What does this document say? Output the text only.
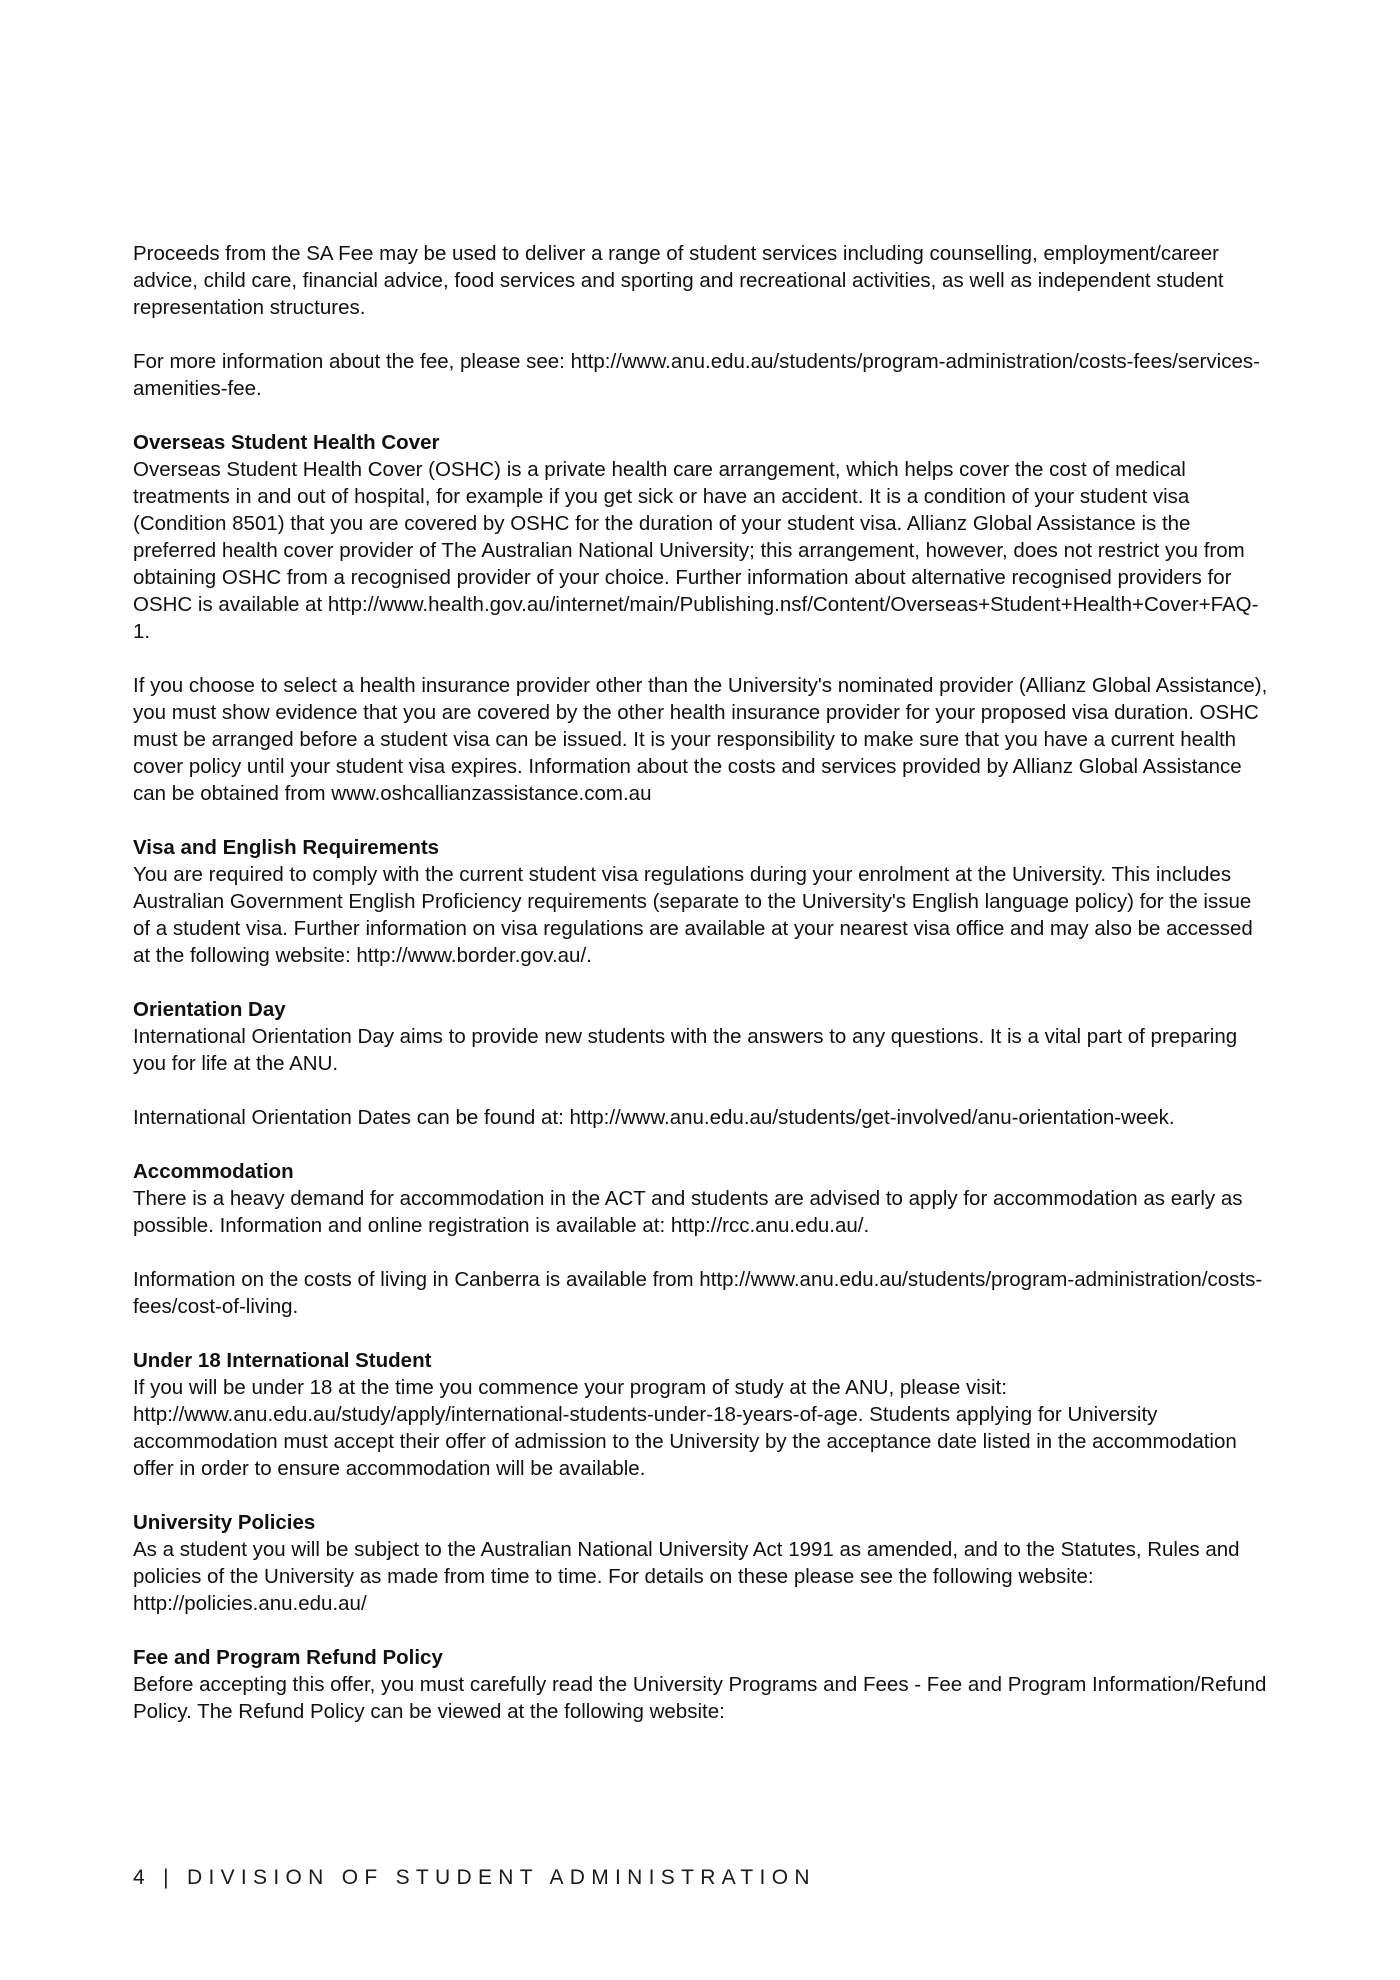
Proceeds from the SA Fee may be used to deliver a range of student services including counselling, employment/career advice, child care, financial advice, food services and sporting and recreational activities, as well as independent student representation structures.

For more information about the fee, please see: http://www.anu.edu.au/students/program-administration/costs-fees/services-amenities-fee.

Overseas Student Health Cover

Overseas Student Health Cover (OSHC) is a private health care arrangement, which helps cover the cost of medical treatments in and out of hospital, for example if you get sick or have an accident. It is a condition of your student visa (Condition 8501) that you are covered by OSHC for the duration of your student visa. Allianz Global Assistance is the preferred health cover provider of The Australian National University; this arrangement, however, does not restrict you from obtaining OSHC from a recognised provider of your choice. Further information about alternative recognised providers for OSHC is available at http://www.health.gov.au/internet/main/Publishing.nsf/Content/Overseas+Student+Health+Cover+FAQ-1.

If you choose to select a health insurance provider other than the University's nominated provider (Allianz Global Assistance), you must show evidence that you are covered by the other health insurance provider for your proposed visa duration. OSHC must be arranged before a student visa can be issued. It is your responsibility to make sure that you have a current health cover policy until your student visa expires. Information about the costs and services provided by Allianz Global Assistance can be obtained from www.oshcallianzassistance.com.au

Visa and English Requirements

You are required to comply with the current student visa regulations during your enrolment at the University. This includes Australian Government English Proficiency requirements (separate to the University's English language policy) for the issue of a student visa. Further information on visa regulations are available at your nearest visa office and may also be accessed at the following website: http://www.border.gov.au/.

Orientation Day

International Orientation Day aims to provide new students with the answers to any questions. It is a vital part of preparing you for life at the ANU.

International Orientation Dates can be found at: http://www.anu.edu.au/students/get-involved/anu-orientation-week.

Accommodation

There is a heavy demand for accommodation in the ACT and students are advised to apply for accommodation as early as possible. Information and online registration is available at: http://rcc.anu.edu.au/.

Information on the costs of living in Canberra is available from http://www.anu.edu.au/students/program-administration/costs-fees/cost-of-living.

Under 18 International Student

If you will be under 18 at the time you commence your program of study at the ANU, please visit: http://www.anu.edu.au/study/apply/international-students-under-18-years-of-age. Students applying for University accommodation must accept their offer of admission to the University by the acceptance date listed in the accommodation offer in order to ensure accommodation will be available.

University Policies

As a student you will be subject to the Australian National University Act 1991 as amended, and to the Statutes, Rules and policies of the University as made from time to time. For details on these please see the following website: http://policies.anu.edu.au/

Fee and Program Refund Policy

Before accepting this offer, you must carefully read the University Programs and Fees - Fee and Program Information/Refund Policy. The Refund Policy can be viewed at the following website:

4 | DIVISION OF STUDENT ADMINISTRATION
